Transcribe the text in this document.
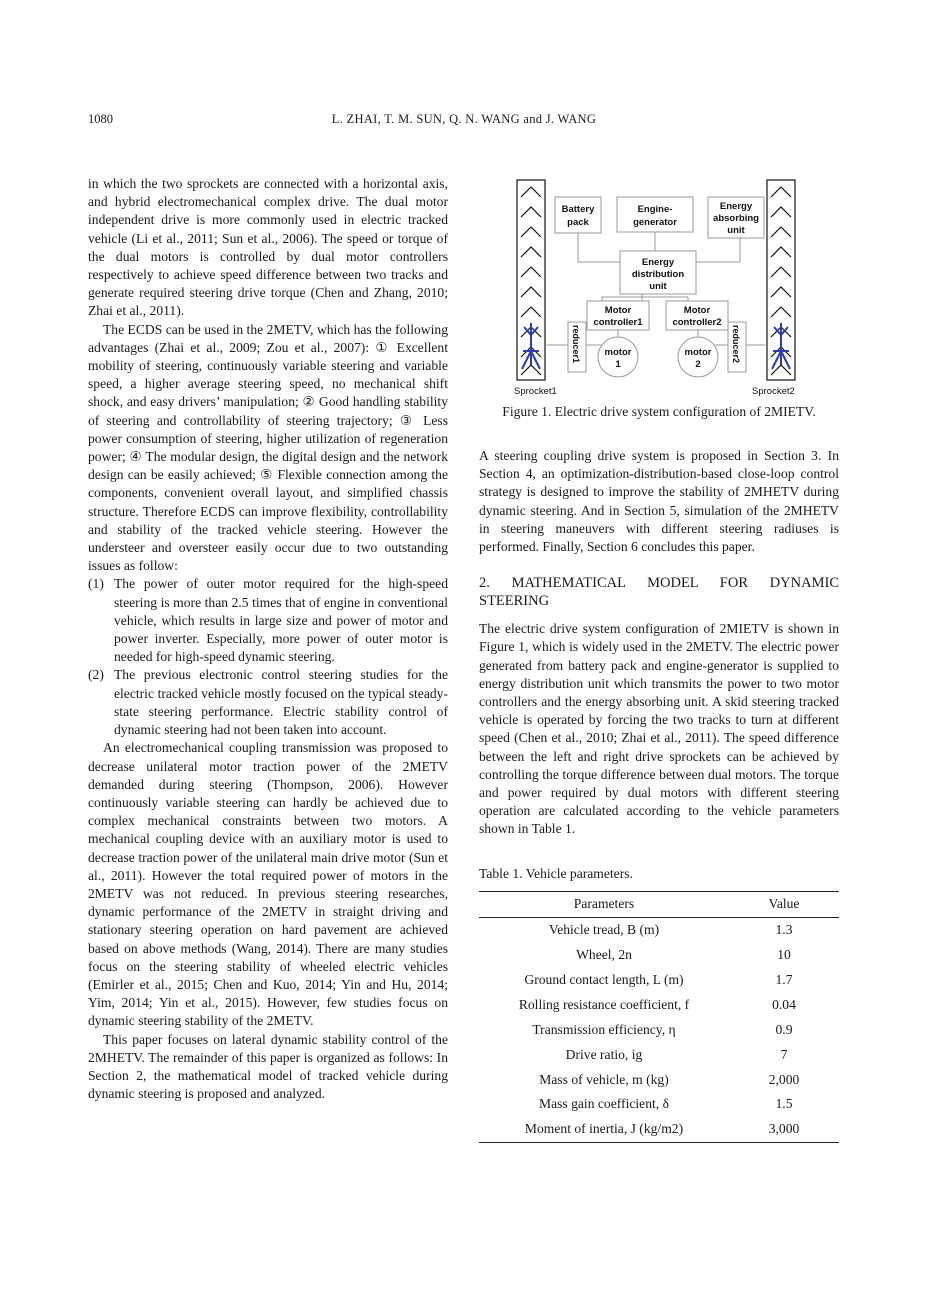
1080	L. ZHAI, T. M. SUN, Q. N. WANG and J. WANG

in which the two sprockets are connected with a horizontal axis, and hybrid electromechanical complex drive. The dual motor independent drive is more commonly used in electric tracked vehicle (Li et al., 2011; Sun et al., 2006). The speed or torque of the dual motors is controlled by dual motor controllers respectively to achieve speed difference between two tracks and generate required steering drive torque (Chen and Zhang, 2010; Zhai et al., 2011).

The ECDS can be used in the 2METV, which has the following advantages (Zhai et al., 2009; Zou et al., 2007): ① Excellent mobility of steering, continuously variable steering and variable speed, a higher average steering speed, no mechanical shift shock, and easy drivers’ manipulation; ② Good handling stability of steering and controllability of steering trajectory; ③ Less power consumption of steering, higher utilization of regeneration power; ④ The modular design, the digital design and the network design can be easily achieved; ⑤ Flexible connection among the components, convenient overall layout, and simplified chassis structure. Therefore ECDS can improve flexibility, controllability and stability of the tracked vehicle steering. However the understeer and oversteer easily occur due to two outstanding issues as follow:

(1) The power of outer motor required for the high-speed steering is more than 2.5 times that of engine in conventional vehicle, which results in large size and power of motor and power inverter. Especially, more power of outer motor is needed for high-speed dynamic steering.
(2) The previous electronic control steering studies for the electric tracked vehicle mostly focused on the typical steady-state steering performance. Electric stability control of dynamic steering had not been taken into account.

An electromechanical coupling transmission was proposed to decrease unilateral motor traction power of the 2METV demanded during steering (Thompson, 2006). However continuously variable steering can hardly be achieved due to complex mechanical constraints between two motors. A mechanical coupling device with an auxiliary motor is used to decrease traction power of the unilateral main drive motor (Sun et al., 2011). However the total required power of motors in the 2METV was not reduced. In previous steering researches, dynamic performance of the 2METV in straight driving and stationary steering operation on hard pavement are achieved based on above methods (Wang, 2014). There are many studies focus on the steering stability of wheeled electric vehicles (Emirler et al., 2015; Chen and Kuo, 2014; Yin and Hu, 2014; Yim, 2014; Yin et al., 2015). However, few studies focus on dynamic steering stability of the 2METV.

This paper focuses on lateral dynamic stability control of the 2MHETV. The remainder of this paper is organized as follows: In Section 2, the mathematical model of tracked vehicle during dynamic steering is proposed and analyzed.

Battery
pack
Engine-
generator
Energy
absorbing
unit
Energy
distribution
unit
Motor
controller1
Motor
controller2
reducer1	reducer2
motor
1
motor
2
Sprocket1	Sprocket2
Figure 1. Electric drive system configuration of 2MIETV.

A steering coupling drive system is proposed in Section 3. In Section 4, an optimization-distribution-based close-loop control strategy is designed to improve the stability of 2MHETV during dynamic steering. And in Section 5, simulation of the 2MHETV in steering maneuvers with different steering radiuses is performed. Finally, Section 6 concludes this paper.

2. MATHEMATICAL MODEL FOR DYNAMIC STEERING

The electric drive system configuration of 2MIETV is shown in Figure 1, which is widely used in the 2METV. The electric power generated from battery pack and engine-generator is supplied to energy distribution unit which transmits the power to two motor controllers and the energy absorbing unit. A skid steering tracked vehicle is operated by forcing the two tracks to turn at different speed (Chen et al., 2010; Zhai et al., 2011). The speed difference between the left and right drive sprockets can be achieved by controlling the torque difference between dual motors. The torque and power required by dual motors with different steering operation are calculated according to the vehicle parameters shown in Table 1.

Table 1. Vehicle parameters.
Parameters	Value
Vehicle tread, B (m)	1.3
Wheel, 2n	10
Ground contact length, L (m)	1.7
Rolling resistance coefficient, f	0.04
Transmission efficiency, η	0.9
Drive ratio, ig	7
Mass of vehicle, m (kg)	2,000
Mass gain coefficient, δ	1.5
Moment of inertia, J (kg/m2)	3,000
